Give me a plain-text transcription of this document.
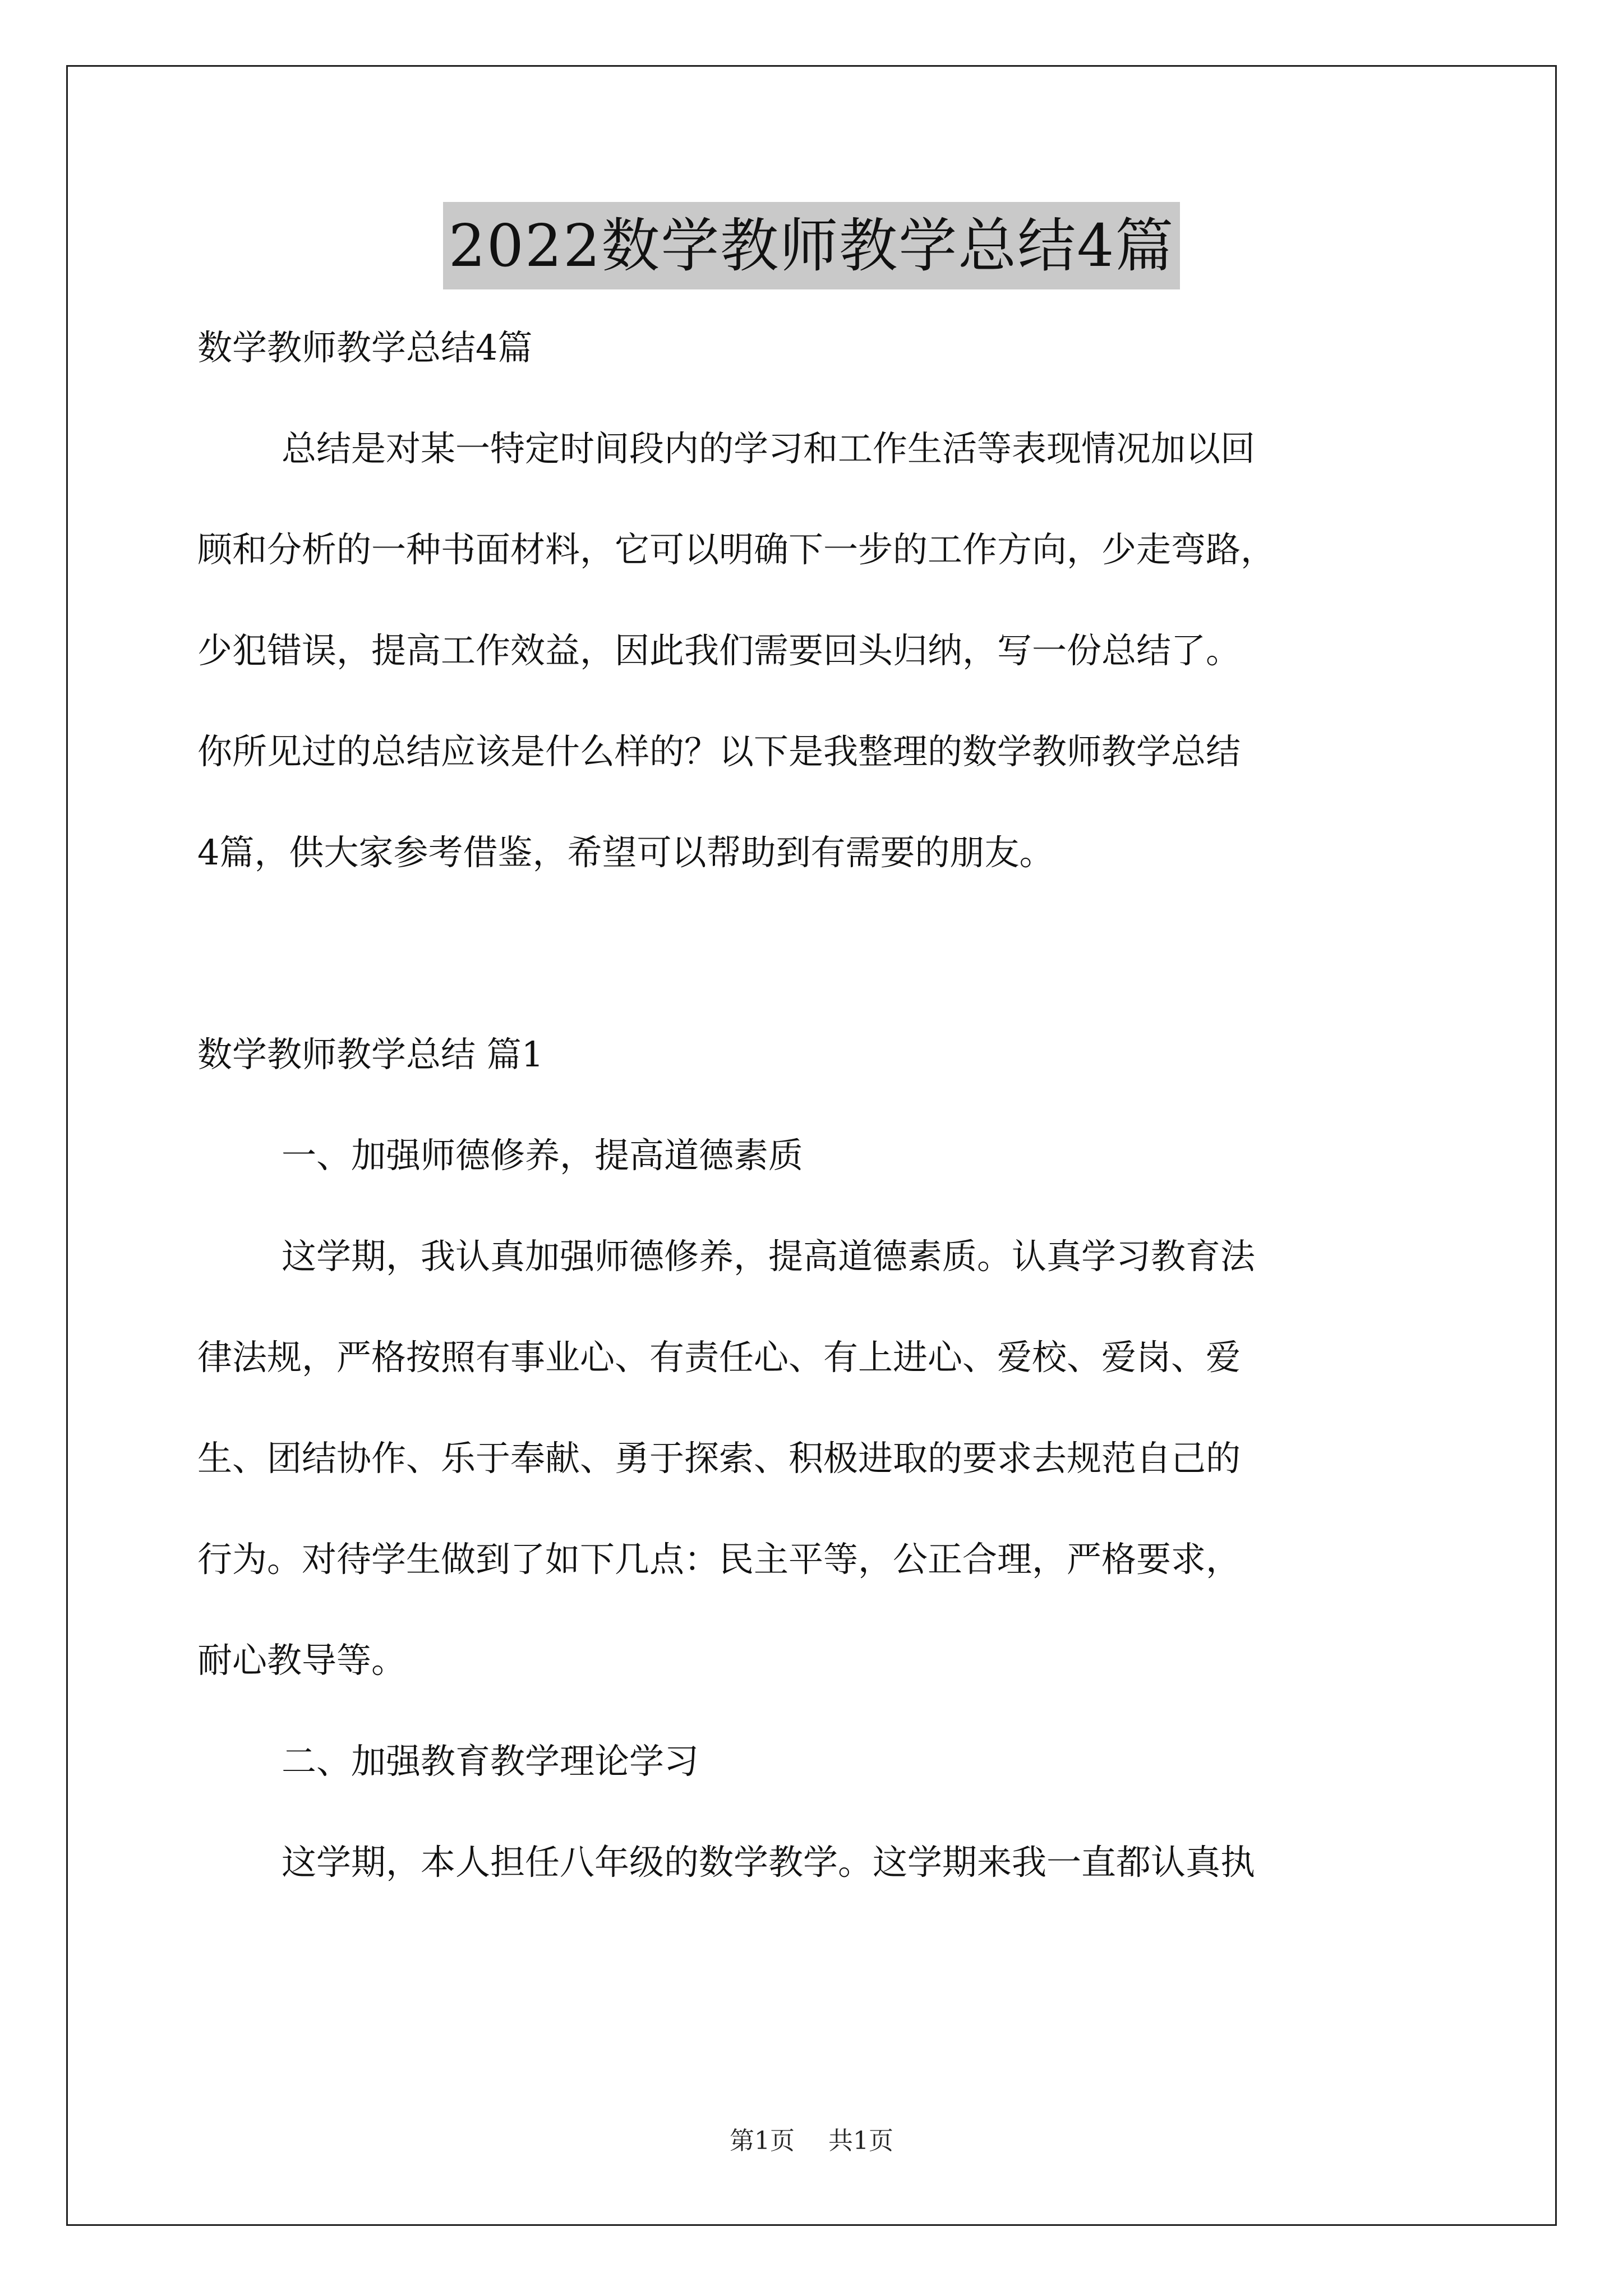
2022数学教师教学总结4篇
数学教师教学总结4篇
总结是对某一特定时间段内的学习和工作生活等表现情况加以回
顾和分析的一种书面材料，它可以明确下一步的工作方向，少走弯路，
少犯错误，提高工作效益，因此我们需要回头归纳，写一份总结了。
你所见过的总结应该是什么样的？以下是我整理的数学教师教学总结
4篇，供大家参考借鉴，希望可以帮助到有需要的朋友。
数学教师教学总结 篇1
一、加强师德修养，提高道德素质
这学期，我认真加强师德修养，提高道德素质。认真学习教育法
律法规，严格按照有事业心、有责任心、有上进心、爱校、爱岗、爱
生、团结协作、乐于奉献、勇于探索、积极进取的要求去规范自己的
行为。对待学生做到了如下几点：民主平等，公正合理，严格要求，
耐心教导等。
二、加强教育教学理论学习
这学期，本人担任八年级的数学教学。这学期来我一直都认真执
第1页 共1页
